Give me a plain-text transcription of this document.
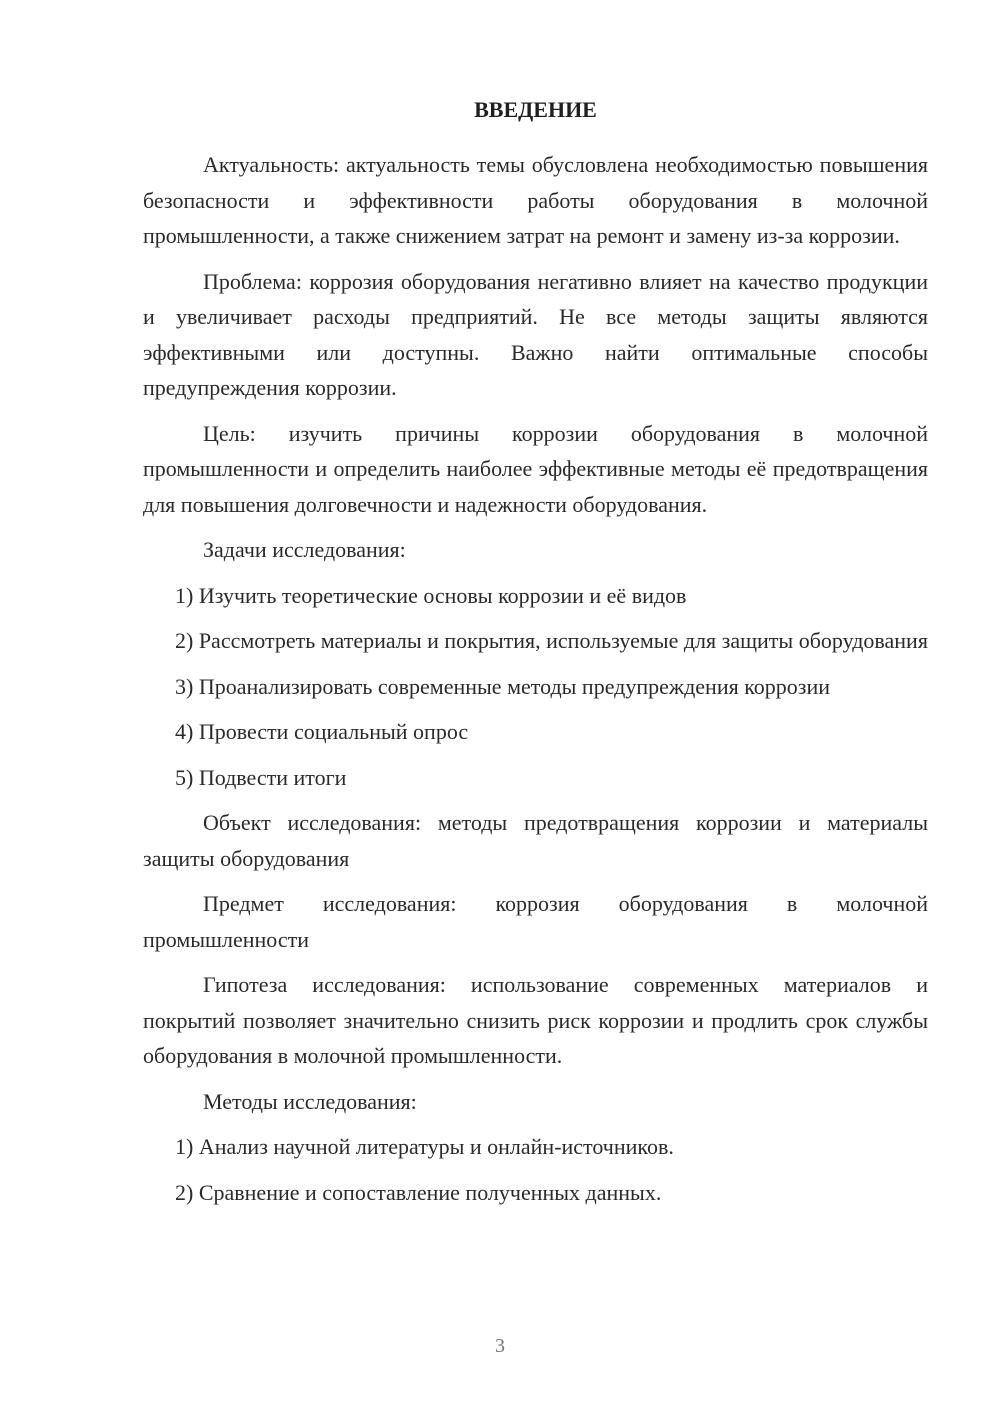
ВВЕДЕНИЕ

Актуальность: актуальность темы обусловлена необходимостью повышения безопасности и эффективности работы оборудования в молочной промышленности, а также снижением затрат на ремонт и замену из-за коррозии.

Проблема: коррозия оборудования негативно влияет на качество продукции и увеличивает расходы предприятий. Не все методы защиты являются эффективными или доступны. Важно найти оптимальные способы предупреждения коррозии.

Цель: изучить причины коррозии оборудования в молочной промышленности и определить наиболее эффективные методы её предотвращения для повышения долговечности и надежности оборудования.

Задачи исследования:

1) Изучить теоретические основы коррозии и её видов

2) Рассмотреть материалы и покрытия, используемые для защиты оборудования

3) Проанализировать современные методы предупреждения коррозии

4) Провести социальный опрос

5) Подвести итоги

Объект исследования: методы предотвращения коррозии и материалы защиты оборудования

Предмет исследования: коррозия оборудования в молочной промышленности

Гипотеза исследования: использование современных материалов и покрытий позволяет значительно снизить риск коррозии и продлить срок службы оборудования в молочной промышленности.

Методы исследования:

1) Анализ научной литературы и онлайн-источников.

2) Сравнение и сопоставление полученных данных.

3
